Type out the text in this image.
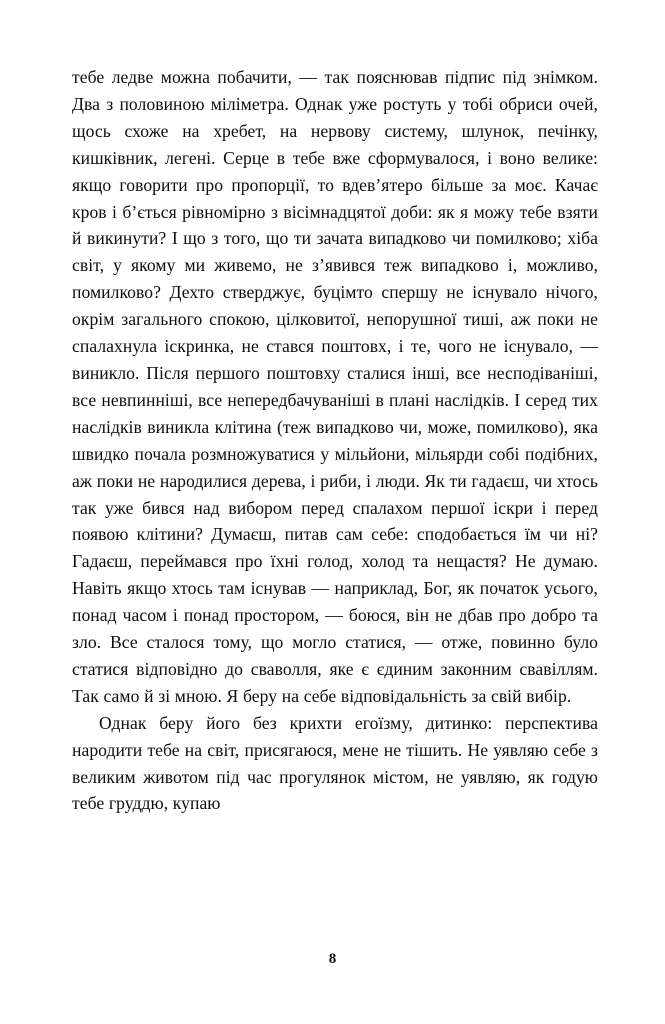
тебе ледве можна побачити, — так пояснював підпис під знімком. Два з половиною міліметра. Однак уже ростуть у тобі обриси очей, щось схоже на хребет, на нервову систему, шлунок, печінку, кишківник, легені. Серце в тебе вже сформувалося, і воно велике: якщо говорити про пропорції, то вдев’ятеро більше за моє. Качає кров і б’ється рівномірно з вісімнадцятої доби: як я можу тебе взяти й викинути? І що з того, що ти зачата випадково чи помилково; хіба світ, у якому ми живемо, не з’явився теж випадково і, можливо, помилково? Дехто стверджує, буцімто спершу не існувало нічого, окрім загального спокою, цілковитої, непорушної тиші, аж поки не спалахнула іскринка, не стався поштовх, і те, чого не існувало, — виникло. Після першого поштовху сталися інші, все несподіваніші, все невпинніші, все непередбачуваніші в плані наслідків. І серед тих наслідків виникла клітина (теж випадково чи, може, помилково), яка швидко почала розмножуватися у мільйони, мільярди собі подібних, аж поки не народилися дерева, і риби, і люди. Як ти гадаєш, чи хтось так уже бився над вибором перед спалахом першої іскри і перед появою клітини? Думаєш, питав сам себе: сподобається їм чи ні? Гадаєш, переймався про їхні голод, холод та нещастя? Не думаю. Навіть якщо хтось там існував — наприклад, Бог, як початок усього, понад часом і понад простором, — боюся, він не дбав про добро та зло. Все сталося тому, що могло статися, — отже, повинно було статися відповідно до сваволля, яке є єдиним законним свавіллям. Так само й зі мною. Я беру на себе відповідальність за свій вибір.

Однак беру його без крихти егоїзму, дитинко: перспектива народити тебе на світ, присягаюся, мене не тішить. Не уявляю себе з великим животом під час прогулянок містом, не уявляю, як годую тебе груддю, купаю

8
